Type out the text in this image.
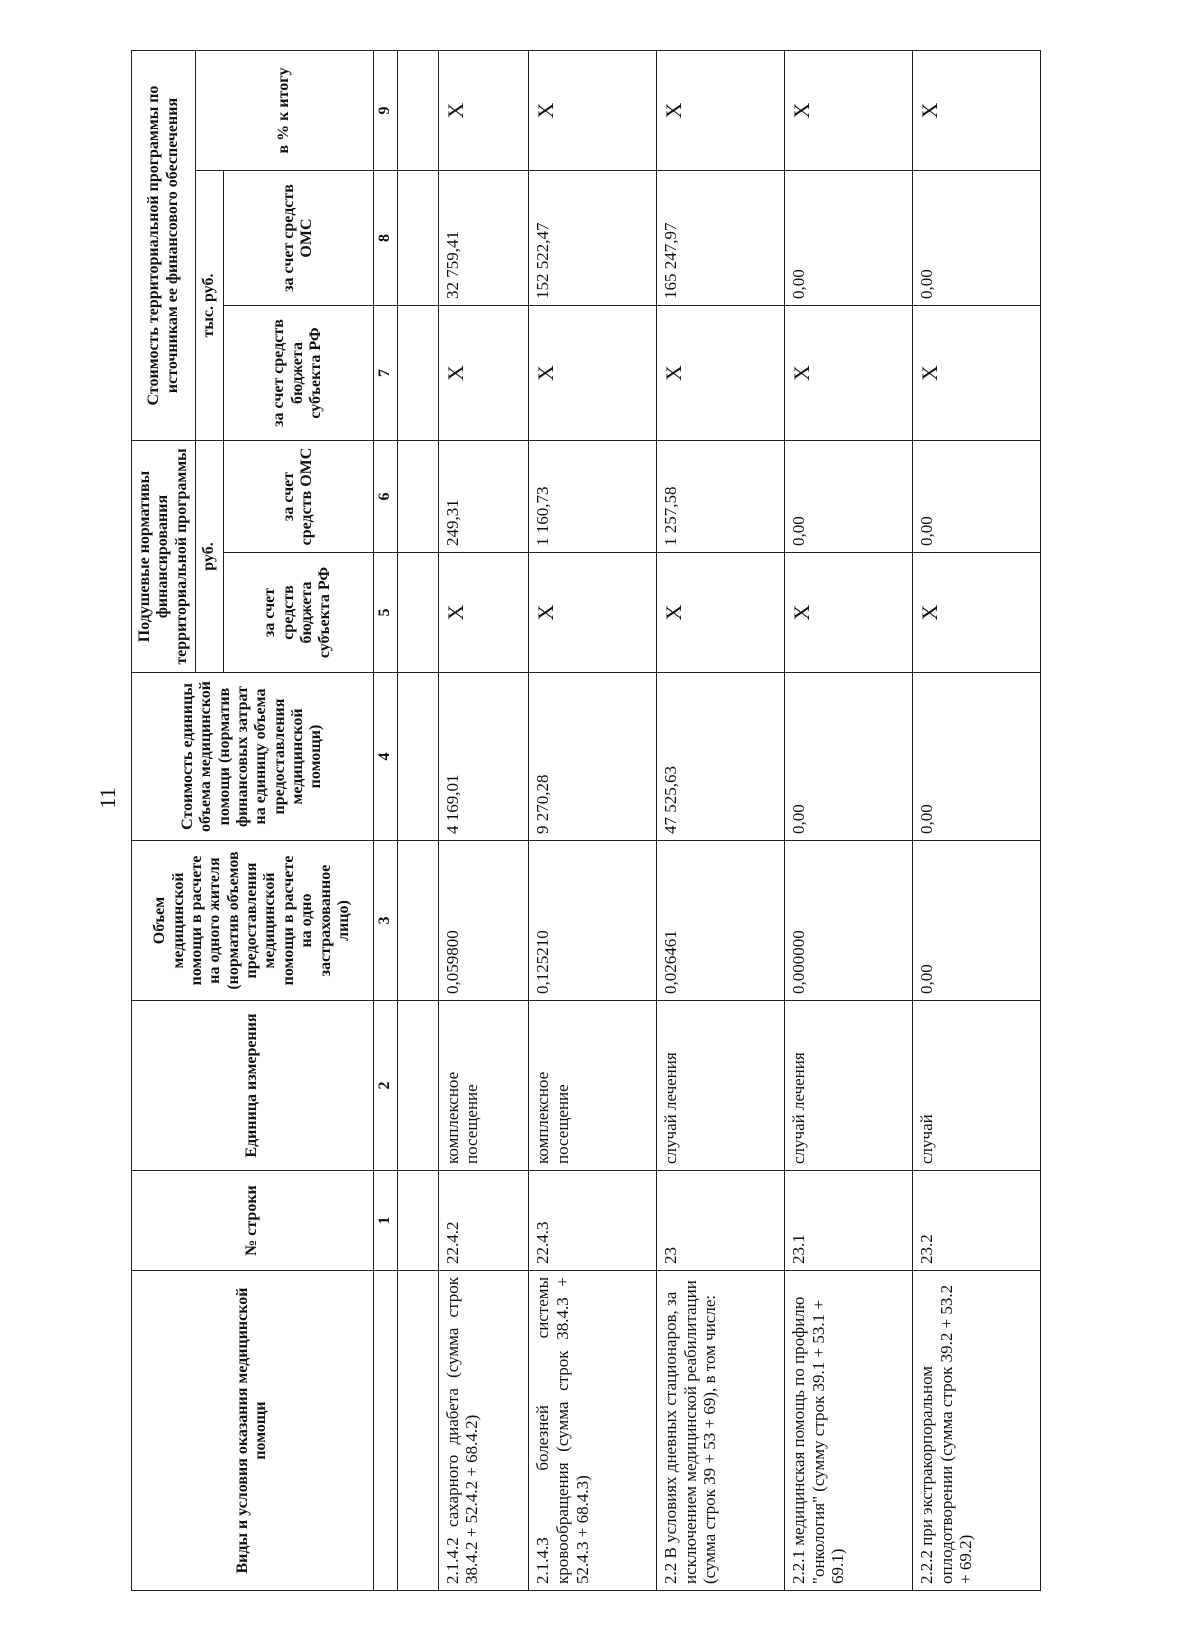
11
Виды и условия оказания медицинской помощи	№ строки	Единица измерения	Объем медицинской помощи в расчете на одного жителя (норматив объемов предоставления медицинской помощи в расчете на одно застрахованное лицо)	Стоимость единицы объема медицинской помощи (норматив финансовых затрат на единицу объема предоставления медицинской помощи)	Подушевые нормативы финансирования территориальной программы		Стоимость территориальной программы по источникам ее финансового обеспечения		
					руб.		тыс. руб.		в % к итогу
					за счет средств бюджета субъекта РФ	за счет средств ОМС	за счет средств бюджета субъекта РФ	за счет средств ОМС	
	1	2	3	4	5	6	7	8	9

2.1.4.2 сахарного диабета (сумма строк 38.4.2 + 52.4.2 + 68.4.2)	22.4.2	комплексное посещение	0,059800	4 169,01	X	249,31	X	32 759,41	X
2.1.4.3 болезней системы кровообращения (сумма строк 38.4.3 + 52.4.3 + 68.4.3)	22.4.3	комплексное посещение	0,125210	9 270,28	X	1 160,73	X	152 522,47	X
2.2 В условиях дневных стационаров, за исключением медицинской реабилитации (сумма строк 39 + 53 + 69), в том числе:	23	случай лечения	0,026461	47 525,63	X	1 257,58	X	165 247,97	X
2.2.1 медицинская помощь по профилю "онкология" (сумму строк 39.1 + 53.1 + 69.1)	23.1	случай лечения	0,000000	0,00	X	0,00	X	0,00	X
2.2.2 при экстракорпоральном оплодотворении (сумма строк 39.2 + 53.2 + 69.2)	23.2	случай	0,00	0,00	X	0,00	X	0,00	X
